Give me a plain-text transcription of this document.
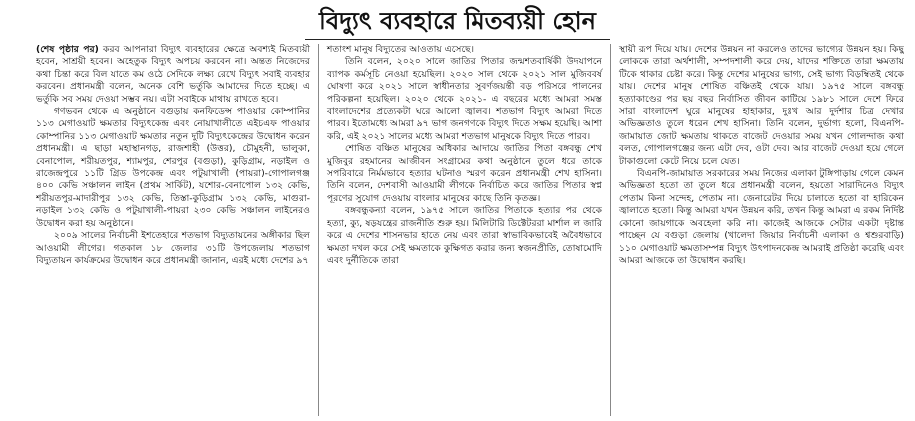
বিদ্যুৎ ব্যবহারে মিতব্যয়ী হোন

(শেষ পৃষ্ঠার পর) করব আপনারা বিদ্যুৎ ব্যবহারের ক্ষেত্রে অবশ্যই মিতব্যয়ী হবেন, সাশ্রয়ী হবেন। অহেতুক বিদ্যুৎ অপচয় করবেন না। অন্তত নিজেদের কথা চিন্তা করে বিল যাতে কম ওঠে সেদিকে লক্ষ্য রেখে বিদ্যুৎ সবাই ব্যবহার করবেন। প্রধানমন্ত্রী বলেন, অনেক বেশি ভর্তুকি আমাদের দিতে হচ্ছে। এ ভর্তুকি সব সময় দেওয়া সম্ভব নয়। এটা সবাইকে মাথায় রাখতে হবে।

গণভবন থেকে এ অনুষ্ঠানে বগুড়ায় কনফিডেন্স পাওয়ার কোম্পানির ১১৩ মেগাওয়াট ক্ষমতার বিদ্যুৎকেন্দ্র এবং নোয়াখালীতে এইচএফ পাওয়ার কোম্পানির ১১৩ মেগাওয়াট ক্ষমতার নতুন দুটি বিদ্যুৎকেন্দ্রের উদ্বোধন করেন প্রধানমন্ত্রী। এ ছাড়া মহাস্থানগড়, রাজশাহী (উত্তর), চৌমুহনী, ভালুকা, বেনাপোল, শরীয়তপুর, শ্যামপুর, শেরপুর (বগুড়া), কুড়িগ্রাম, নড়াইল ও রাজেন্দ্রপুরে ১১টি গ্রিড উপকেন্দ্র এবং পটুয়াখালী (পায়রা)-গোপালগঞ্জ ৪০০ কেভি সঞ্চালন লাইন (প্রথম সার্কিট), যশোর-বেনাপোল ১৩২ কেভি, শরীয়তপুর-মাদারীপুর ১৩২ কেভি, তিস্তা-কুড়িগ্রাম ১৩২ কেভি, মাগুরা-নড়াইল ১৩২ কেভি ও পটুয়াখালী-পায়রা ২৩০ কেভি সঞ্চালন লাইনেরও উদ্বোধন করা হয় অনুষ্ঠানে।

২০০৯ সালের নির্বাচনী ইশতেহারে শতভাগ বিদ্যুতায়নের অঙ্গীকার ছিল আওয়ামী লীগের। গতকাল ১৮ জেলার ৩১টি উপজেলায় শতভাগ বিদ্যুতায়ন কার্যক্রমের উদ্বোধন করে প্রধানমন্ত্রী জানান, এরই মধ্যে দেশের ৯৭

শতাংশ মানুষ বিদ্যুতের আওতায় এসেছে।

তিনি বলেন, ২০২০ সালে জাতির পিতার জন্মশতবার্ষিকী উদযাপনে ব্যাপক কর্মসূচি নেওয়া হয়েছিল। ২০২০ সাল থেকে ২০২১ সাল মুজিববর্ষ ঘোষণা করে ২০২১ সালে স্বাধীনতার সুবর্ণজয়ন্তী বড় পরিসরে পালনের পরিকল্পনা হয়েছিল। ২০২০ থেকে ২০২১- এ বছরের মধ্যে আমরা সমস্ত বাংলাদেশের প্রত্যেকটা ঘরে আলো জ্বালব। শতভাগ বিদ্যুৎ আমরা দিতে পারব। ইতোমধ্যে আমরা ৯৭ ভাগ জনগণকে বিদ্যুৎ দিতে সক্ষম হয়েছি। আশা করি, এই ২০২১ সালের মধ্যে আমরা শতভাগ মানুষকে বিদ্যুৎ দিতে পারব।

শোষিত বঞ্চিত মানুষের অধিকার আদায়ে জাতির পিতা বঙ্গবন্ধু শেখ মুজিবুর রহমানের আজীবন সংগ্রামের কথা অনুষ্ঠানে তুলে ধরে তাকে সপরিবারে নির্মমভাবে হত্যার ঘটনাও স্মরণ করেন প্রধানমন্ত্রী শেখ হাসিনা। তিনি বলেন, দেশবাসী আওয়ামী লীগকে নির্বাচিত করে জাতির পিতার স্বপ্ন পূরণের সুযোগ দেওয়ায় বাংলার মানুষের কাছে তিনি কৃতজ্ঞ।

বঙ্গবন্ধুকন্যা বলেন, ১৯৭৫ সালে জাতির পিতাকে হত্যার পর থেকে হত্যা, ক্যু, ষড়যন্ত্রের রাজনীতি শুরু হয়। মিলিটারি ডিক্টেটররা মার্শাল ল জারি করে এ দেশের শাসনভার হাতে নেয় এবং তারা স্বাভাবিকভাবেই অবৈধভাবে ক্ষমতা দখল করে সেই ক্ষমতাকে কুক্ষিগত করার জন্য স্বজনপ্রীতি, তোষামোদি এবং দুর্নীতিকে তারা

স্থায়ী রূপ দিয়ে যায়। দেশের উন্নয়ন না করলেও তাদের ভাগ্যের উন্নয়ন হয়। কিছু লোককে তারা অর্থশালী, সম্পদশালী করে দেয়, যাদের শক্তিতে তারা ক্ষমতায় টিকে থাকার চেষ্টা করে। কিন্তু দেশের মানুষের ভাগ্য, সেই ভাগ্য বিড়ম্বিতই থেকে যায়। দেশের মানুষ শোষিত বঞ্চিতই থেকে যায়। ১৯৭৫ সালে বঙ্গবন্ধু হত্যাকাণ্ডের পর ছয় বছর নির্বাসিত জীবন কাটিয়ে ১৯৮১ সালে দেশে ফিরে সারা বাংলাদেশ ঘুরে মানুষের হাহাকার, দুঃখ আর দুর্দশার চিত্র দেখার অভিজ্ঞতাও তুলে ধরেন শেখ হাসিনা। তিনি বলেন, দুর্ভাগ্য হলো, বিএনপি-জামায়াত জোট ক্ষমতায় থাকতে বাজেট দেওয়ার সময় যখন গোলন্দাজ কথা বলত, গোপালগঞ্জের জন্য এটা দেব, ওটা দেব। আর বাজেট দেওয়া হয়ে গেলে টাকাগুলো কেটে নিয়ে চলে যেত।

বিএনপি-জামায়াত সরকারের সময় নিজের এলাকা টুঙ্গিপাড়ায় গেলে কেমন অভিজ্ঞতা হতো তা তুলে ধরে প্রধানমন্ত্রী বলেন, হয়তো সারাদিনেও বিদ্যুৎ পেতাম কিনা সন্দেহ, পেতাম না। জেনারেটর দিয়ে চালাতে হতো বা হারিকেন জ্বালাতে হতো। কিন্তু আমরা যখন উন্নয়ন করি, তখন কিন্তু আমরা এ রকম নির্দিষ্ট কোনো জায়গাকে অবহেলা করি না। কাজেই আজকে সেটার একটা দৃষ্টান্ত পাচ্ছেন যে বগুড়া জেলায় (খালেদা জিয়ার নির্বাচনী এলাকা ও শ্বশুরবাড়ি) ১১০ মেগাওয়াট ক্ষমতাসম্পন্ন বিদ্যুৎ উৎপাদনকেন্দ্র আমরাই প্রতিষ্ঠা করেছি এবং আমরা আজকে তা উদ্বোধন করছি।
